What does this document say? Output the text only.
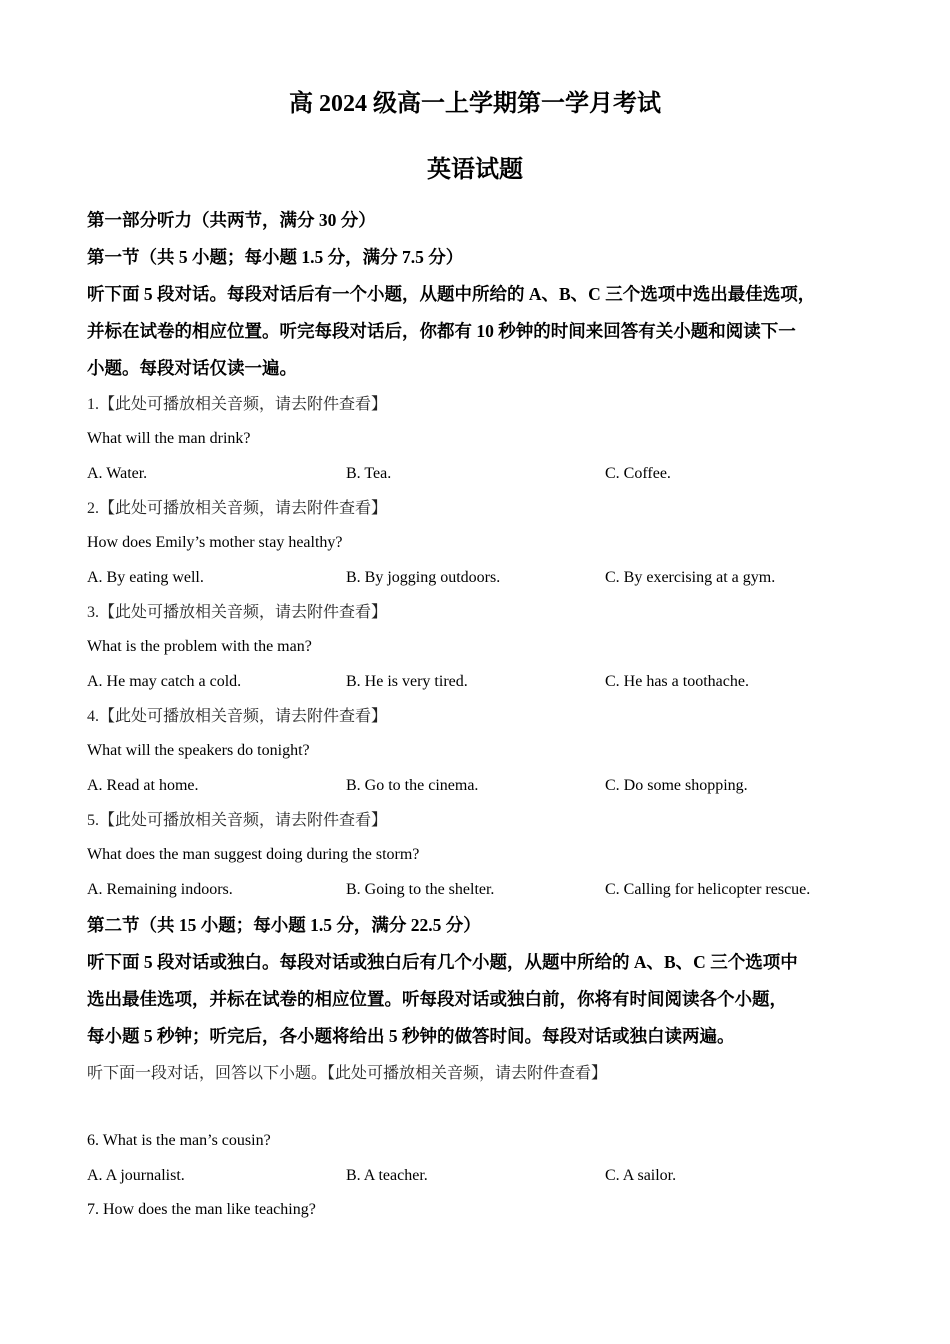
高 2024 级高一上学期第一学月考试
英语试题
第一部分听力（共两节，满分 30 分）
第一节（共 5 小题；每小题 1.5 分，满分 7.5 分）
听下面 5 段对话。每段对话后有一个小题，从题中所给的 A、B、C 三个选项中选出最佳选项，
并标在试卷的相应位置。听完每段对话后，你都有 10 秒钟的时间来回答有关小题和阅读下一
小题。每段对话仅读一遍。
1.【此处可播放相关音频，请去附件查看】
What will the man drink?
A. Water.	B. Tea.	C. Coffee.
2.【此处可播放相关音频，请去附件查看】
How does Emily’s mother stay healthy?
A. By eating well.	B. By jogging outdoors.	C. By exercising at a gym.
3.【此处可播放相关音频，请去附件查看】
What is the problem with the man?
A. He may catch a cold.	B. He is very tired.	C. He has a toothache.
4.【此处可播放相关音频，请去附件查看】
What will the speakers do tonight?
A. Read at home.	B. Go to the cinema.	C. Do some shopping.
5.【此处可播放相关音频，请去附件查看】
What does the man suggest doing during the storm?
A. Remaining indoors.	B. Going to the shelter.	C. Calling for helicopter rescue.
第二节（共 15 小题；每小题 1.5 分，满分 22.5 分）
听下面 5 段对话或独白。每段对话或独白后有几个小题，从题中所给的 A、B、C 三个选项中
选出最佳选项，并标在试卷的相应位置。听每段对话或独白前，你将有时间阅读各个小题，
每小题 5 秒钟；听完后，各小题将给出 5 秒钟的做答时间。每段对话或独白读两遍。
听下面一段对话，回答以下小题。【此处可播放相关音频，请去附件查看】
6. What is the man’s cousin?
A. A journalist.	B. A teacher.	C. A sailor.
7. How does the man like teaching?
